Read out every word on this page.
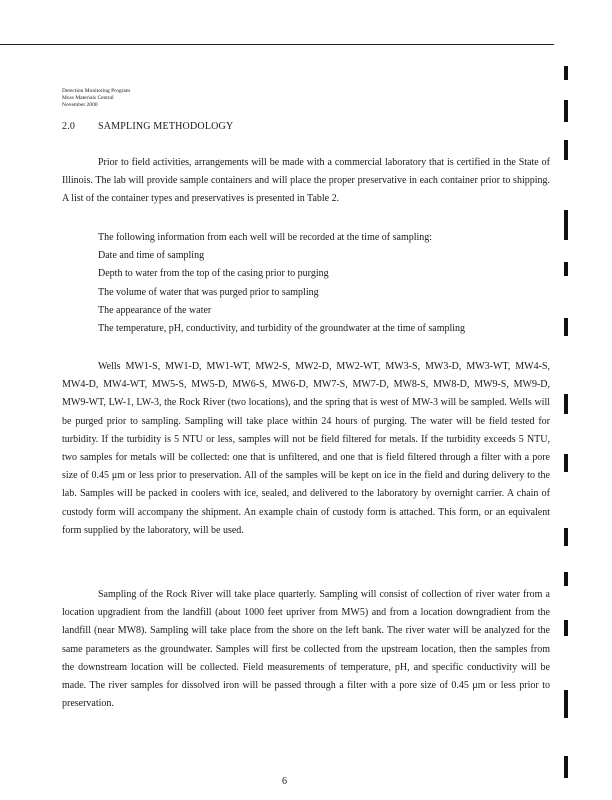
Detection Monitoring Program
Moss Materials Central
November 2000
2.0 SAMPLING METHODOLOGY
Prior to field activities, arrangements will be made with a commercial laboratory that is certified in the State of Illinois. The lab will provide sample containers and will place the proper preservative in each container prior to shipping. A list of the container types and preservatives is presented in Table 2.
The following information from each well will be recorded at the time of sampling:
Date and time of sampling
Depth to water from the top of the casing prior to purging
The volume of water that was purged prior to sampling
The appearance of the water
The temperature, pH, conductivity, and turbidity of the groundwater at the time of sampling
Wells MW1-S, MW1-D, MW1-WT, MW2-S, MW2-D, MW2-WT, MW3-S, MW3-D, MW3-WT, MW4-S, MW4-D, MW4-WT, MW5-S, MW5-D, MW6-S, MW6-D, MW7-S, MW7-D, MW8-S, MW8-D, MW9-S, MW9-D, MW9-WT, LW-1, LW-3, the Rock River (two locations), and the spring that is west of MW-3 will be sampled. Wells will be purged prior to sampling. Sampling will take place within 24 hours of purging. The water will be field tested for turbidity. If the turbidity is 5 NTU or less, samples will not be field filtered for metals. If the turbidity exceeds 5 NTU, two samples for metals will be collected: one that is unfiltered, and one that is field filtered through a filter with a pore size of 0.45 μm or less prior to preservation. All of the samples will be kept on ice in the field and during delivery to the lab. Samples will be packed in coolers with ice, sealed, and delivered to the laboratory by overnight carrier. A chain of custody form will accompany the shipment. An example chain of custody form is attached. This form, or an equivalent form supplied by the laboratory, will be used.
Sampling of the Rock River will take place quarterly. Sampling will consist of collection of river water from a location upgradient from the landfill (about 1000 feet upriver from MW5) and from a location downgradient from the landfill (near MW8). Sampling will take place from the shore on the left bank. The river water will be analyzed for the same parameters as the groundwater. Samples will first be collected from the upstream location, then the samples from the downstream location will be collected. Field measurements of temperature, pH, and specific conductivity will be made. The river samples for dissolved iron will be passed through a filter with a pore size of 0.45 μm or less prior to preservation.
6
